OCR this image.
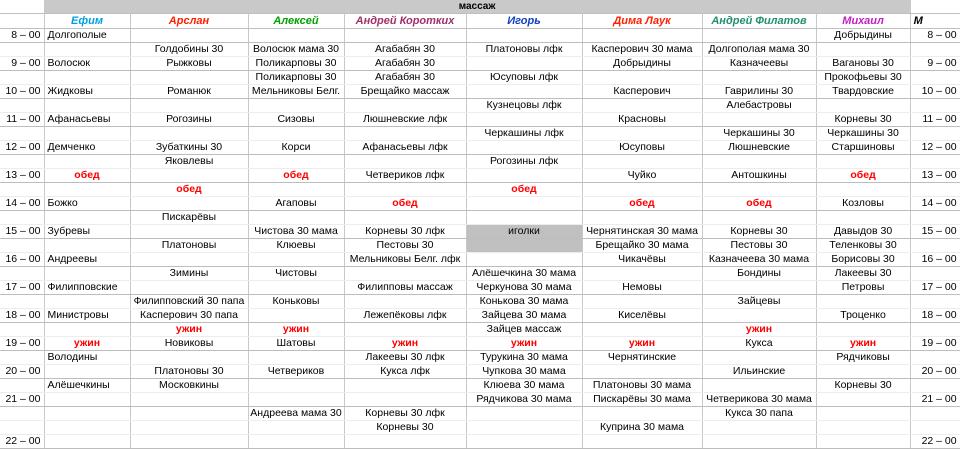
	массаж								
	Ефим	Арслан	Алексей	Андрей Коротких	Игорь	Дима Лаук	Андрей Филатов	Михаил	M
8 – 00	Долгополые							Добрыдины	8 – 00
		Голдобины 30	Волосюк мама 30	Агабабян 30	Платоновы лфк	Касперович 30 мама	Долгополая мама 30		
9 – 00	Волосюк	Рыжковы	Поликарповы 30	Агабабян 30		Добрыдины	Казначеевы	Вагановы 30	9 – 00
			Поликарповы 30	Агабабян 30	Юсуповы лфк			Прокофьевы 30	
10 – 00	Жидковы	Романюк	Мельниковы Белг.	Брещайко массаж		Касперович	Гаврилины 30	Твардовские	10 – 00
					Кузнецовы лфк		Алебастровы		
11 – 00	Афанасьевы	Рогозины	Сизовы	Люшневские лфк		Красновы		Корневы 30	11 – 00
					Черкашины лфк		Черкашины 30	Черкашины 30	
12 – 00	Демченко	Зубаткины 30	Корси	Афанасьевы лфк		Юсуповы	Люшневские	Старшиновы	12 – 00
		Яковлевы			Рогозины лфк				
13 – 00	обед		обед	Четвериков лфк		Чуйко	Антошкины	обед	13 – 00
		обед			обед				
14 – 00	Божко		Агаповы	обед		обед	обед	Козловы	14 – 00
		Пискарёвы							
15 – 00	Зубревы		Чистова 30 мама	Корневы 30 лфк	иголки	Чернятинская 30 мама	Корневы 30	Давыдов 30	15 – 00
		Платоновы	Клюевы	Пестовы 30		Брещайко 30 мама	Пестовы 30	Теленковы 30	
16 – 00	Андреевы			Мельниковы Белг. лфк		Чикачёвы	Казначеева 30 мама	Борисовы 30	16 – 00
		Зимины	Чистовы		Алёшечкина 30 мама		Бондины	Лакеевы 30	
17 – 00	Филипповские			Филипповы массаж	Черкунова 30 мама	Немовы		Петровы	17 – 00
		Филипповский 30 папа	Коньковы		Конькова 30 мама		Зайцевы		
18 – 00	Министровы	Касперович 30 папа		Лежепёковы лфк	Зайцева 30 мама	Киселёвы		Троценко	18 – 00
		ужин	ужин		Зайцев массаж		ужин		
19 – 00	ужин	Новиковы	Шатовы	ужин	ужин	ужин	Кукса	ужин	19 – 00
	Володины			Лакеевы 30 лфк	Турукина 30 мама	Чернятинские		Рядчиковы	
20 – 00		Платоновы 30	Четвериков	Кукса лфк	Чупкова 30 мама		Ильинские		20 – 00
	Алёшечкины	Московкины			Клюева 30 мама	Платоновы 30 мама		Корневы 30	
21 – 00					Рядчикова 30 мама	Пискарёвы 30 мама	Четверикова 30 мама		21 – 00
			Андреева мама 30	Корневы 30 лфк			Кукса 30 папа		
				Корневы 30		Куприна 30 мама			
22 – 00									22 – 00
